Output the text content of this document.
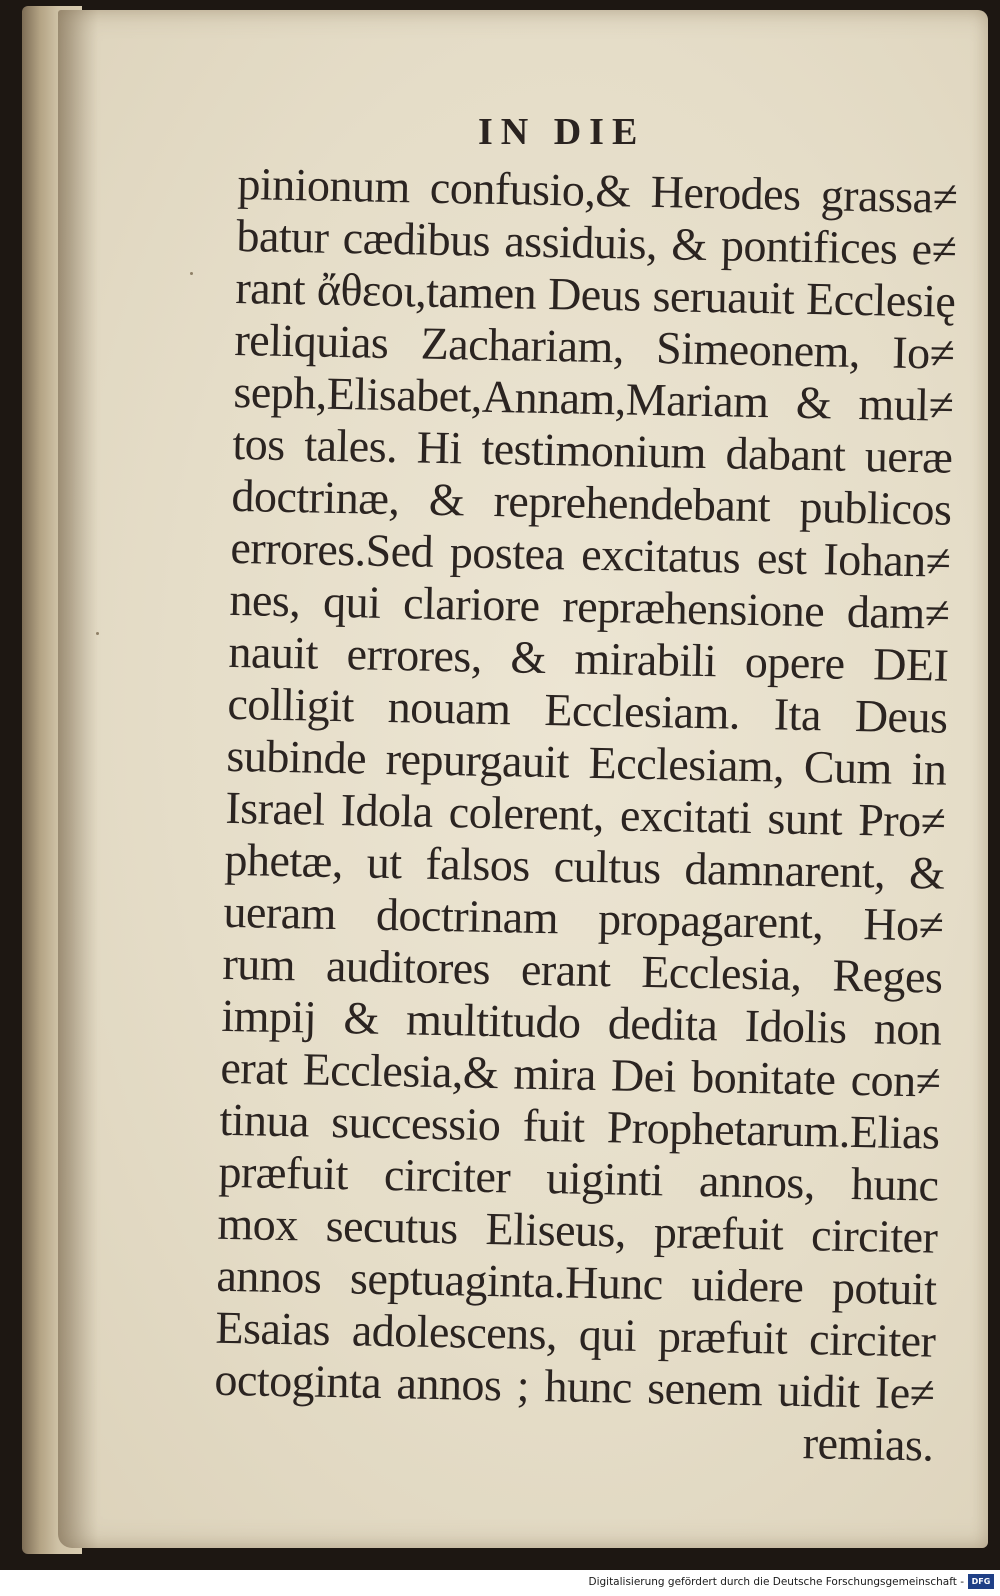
IN DIE
pinionum confusio,& Herodes grassa≠
batur cædibus assiduis, & pontifices e≠
rant ἄθεοι,tamen Deus seruauit Ecclesię
reliquias Zachariam, Simeonem, Io≠
seph,Elisabet,Annam,Mariam & mul≠
tos tales. Hi testimonium dabant ueræ
doctrinæ, & reprehendebant publicos
errores.Sed postea excitatus est Iohan≠
nes, qui clariore repræhensione dam≠
nauit errores, & mirabili opere DEI
colligit nouam Ecclesiam. Ita Deus
subinde repurgauit Ecclesiam, Cum in
Israel Idola colerent, excitati sunt Pro≠
phetæ, ut falsos cultus damnarent, &
ueram doctrinam propagarent, Ho≠
rum auditores erant Ecclesia, Reges
impij & multitudo dedita Idolis non
erat Ecclesia,& mira Dei bonitate con≠
tinua successio fuit Prophetarum.Elias
præfuit circiter uiginti annos, hunc
mox secutus Eliseus, præfuit circiter
annos septuaginta.Hunc uidere potuit
Esaias adolescens, qui præfuit circiter
octoginta annos ; hunc senem uidit Ie≠
remias.
Digitalisierung gefördert durch die Deutsche Forschungsgemeinschaft - DFG
